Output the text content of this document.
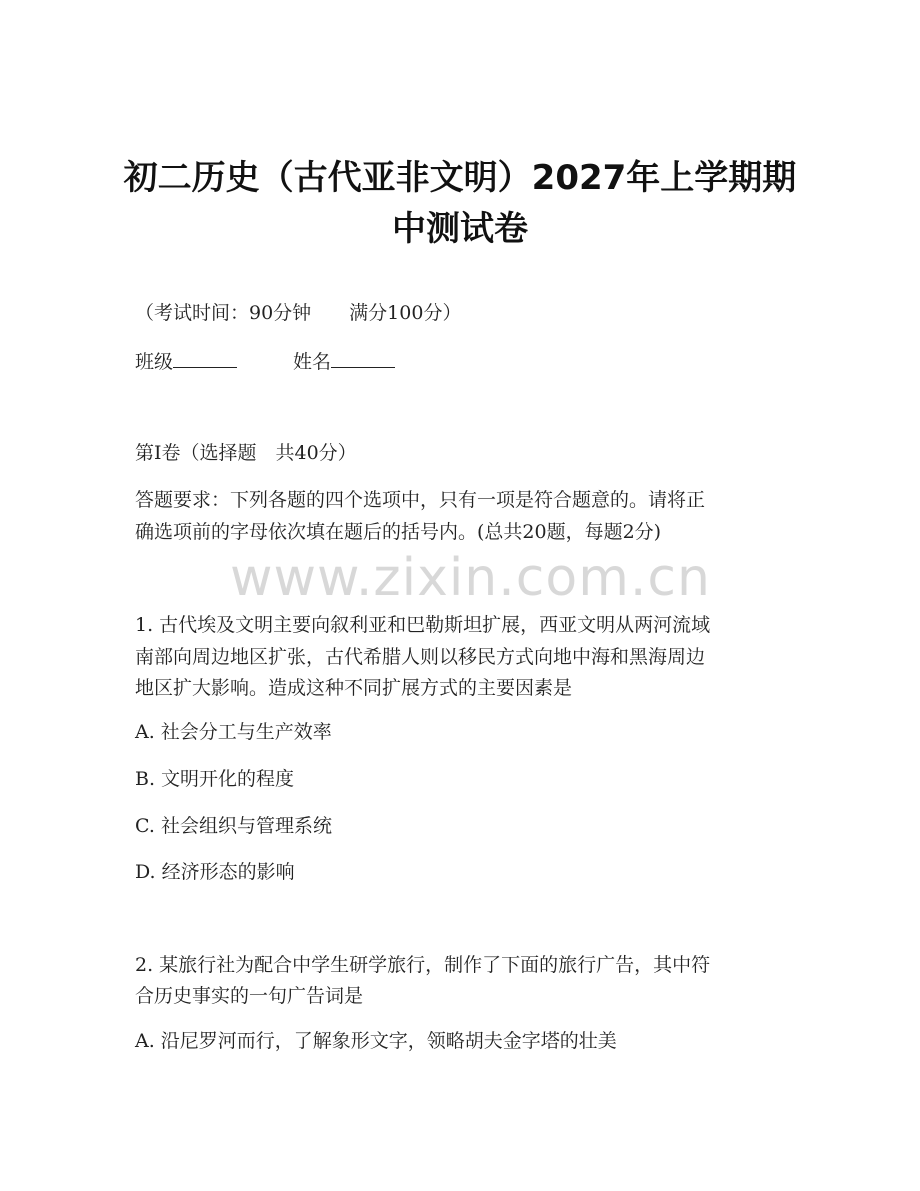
初二历史（古代亚非文明）2027年上学期期
中测试卷
（考试时间：90分钟　　满分100分）
班级	姓名
第Ⅰ卷（选择题　共40分）
答题要求：下列各题的四个选项中，只有一项是符合题意的。请将正
确选项前的字母依次填在题后的括号内。(总共20题，每题2分)
www.zixin.com.cn
1. 古代埃及文明主要向叙利亚和巴勒斯坦扩展，西亚文明从两河流域
南部向周边地区扩张，古代希腊人则以移民方式向地中海和黑海周边
地区扩大影响。造成这种不同扩展方式的主要因素是
A. 社会分工与生产效率
B. 文明开化的程度
C. 社会组织与管理系统
D. 经济形态的影响
2. 某旅行社为配合中学生研学旅行，制作了下面的旅行广告，其中符
合历史事实的一句广告词是
A. 沿尼罗河而行，了解象形文字，领略胡夫金字塔的壮美
